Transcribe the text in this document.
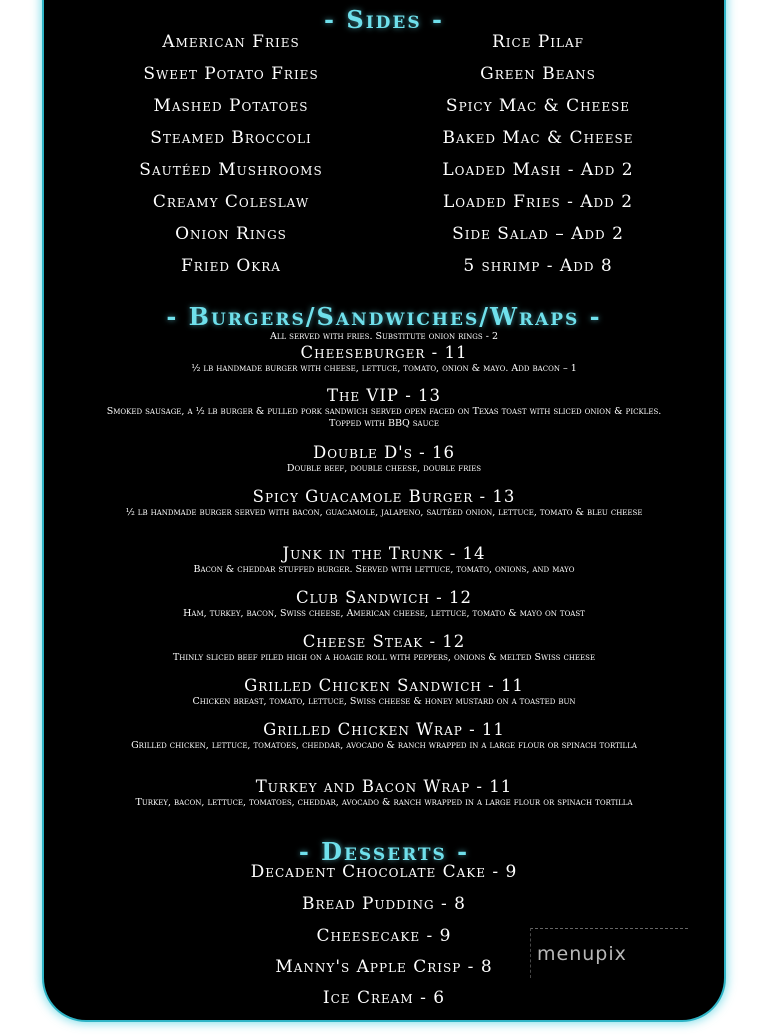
- Sides -
American Fries
Sweet Potato Fries
Mashed Potatoes
Steamed Broccoli
Sautéed Mushrooms
Creamy Coleslaw
Onion Rings
Fried Okra
Rice Pilaf
Green Beans
Spicy Mac & Cheese
Baked Mac & Cheese
Loaded Mash - Add 2
Loaded Fries - Add 2
Side Salad – Add 2
5 shrimp - Add 8
- Burgers/Sandwiches/Wraps -

All served with fries. Substitute onion rings - 2

Cheeseburger - 11
½ lb handmade burger with cheese, lettuce, tomato, onion & mayo. Add bacon – 1
The VIP - 13
Smoked sausage, a ½ lb burger & pulled pork sandwich served open faced on Texas toast with sliced onion & pickles. Topped with BBQ sauce
Double D's - 16
Double beef, double cheese, double fries
Spicy Guacamole Burger - 13
½ lb handmade burger served with bacon, guacamole, jalapeno, sautéed onion, lettuce, tomato & bleu cheese
Junk in the Trunk - 14
Bacon & cheddar stuffed burger. Served with lettuce, tomato, onions, and mayo
Club Sandwich - 12
Ham, turkey, bacon, Swiss cheese, American cheese, lettuce, tomato & mayo on toast
Cheese Steak - 12
Thinly sliced beef piled high on a hoagie roll with peppers, onions & melted Swiss cheese
Grilled Chicken Sandwich - 11
Chicken breast, tomato, lettuce, Swiss cheese & honey mustard on a toasted bun
Grilled Chicken Wrap - 11
Grilled chicken, lettuce, tomatoes, cheddar, avocado & ranch wrapped in a large flour or spinach tortilla
Turkey and Bacon Wrap - 11
Turkey, bacon, lettuce, tomatoes, cheddar, avocado & ranch wrapped in a large flour or spinach tortilla
- Desserts -
Decadent Chocolate Cake - 9
Bread Pudding - 8
Cheesecake - 9
Manny's Apple Crisp - 8
Ice Cream - 6
menupix
